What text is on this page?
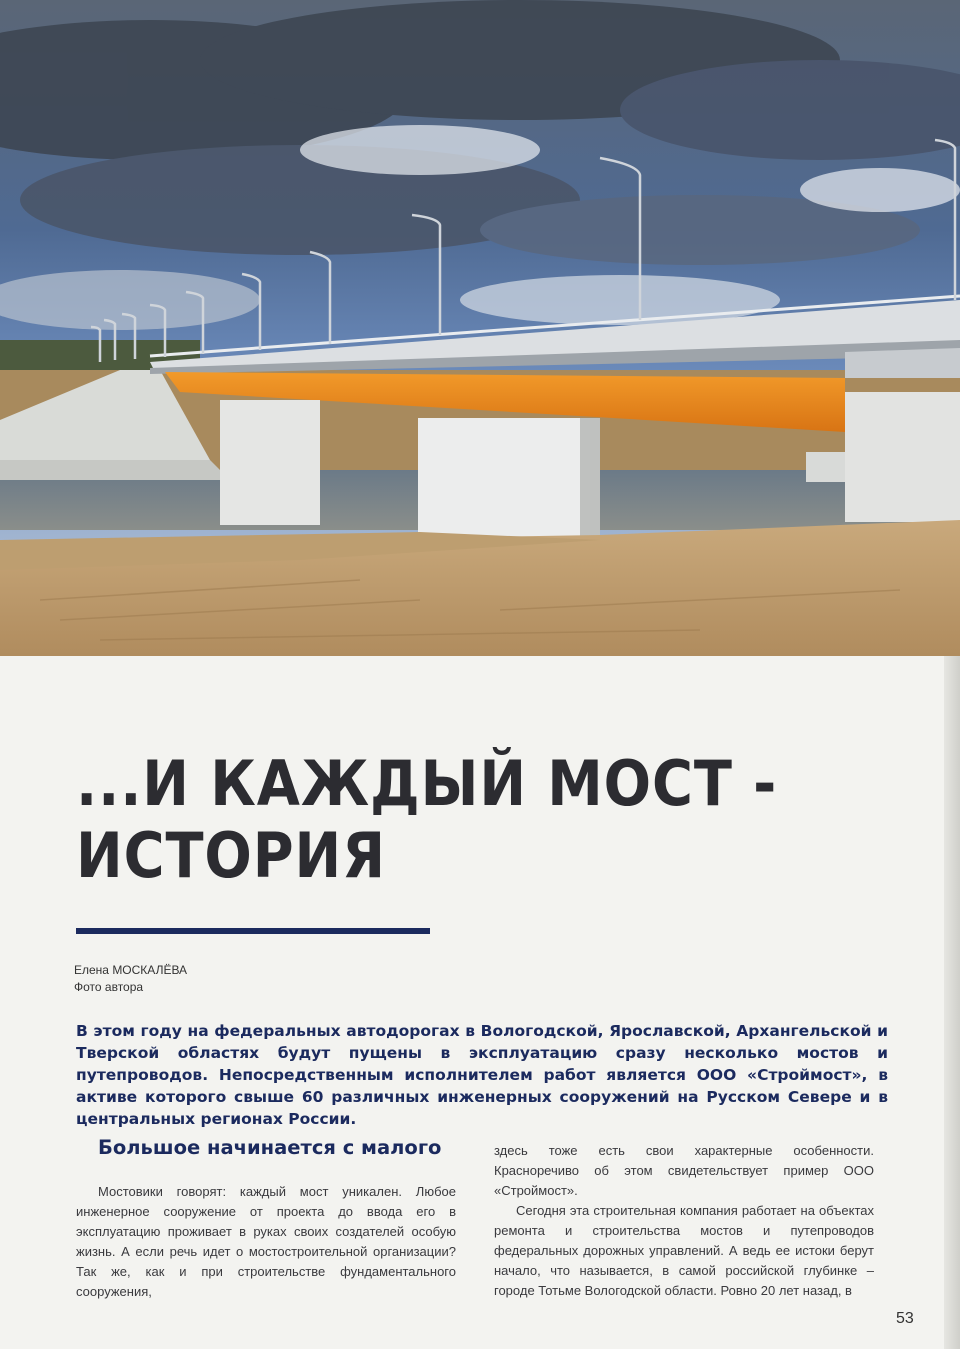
...И КАЖДЫЙ МОСТ -
ИСТОРИЯ
Елена МОСКАЛЁВА
Фото автора

В этом году на федеральных автодорогах в Вологодской, Ярославской, Архангельской и Тверской областях будут пущены в эксплуатацию сразу несколько мостов и путепроводов. Непосредственным исполнителем работ является ООО «Строймост», в активе которого свыше 60 различных инженерных сооружений на Русском Севере и в центральных регионах России.

Большое начинается с малого

Мостовики говорят: каждый мост уникален. Любое инженерное сооружение от проекта до ввода его в эксплуатацию проживает в руках своих создателей особую жизнь. А если речь идет о мостостроительной организации? Так же, как и при строительстве фундаментального сооружения,

здесь тоже есть свои характерные особенности. Красноречиво об этом свидетельствует пример ООО «Строймост».

Сегодня эта строительная компания работает на объектах ремонта и строительства мостов и путепроводов федеральных дорожных управлений. А ведь ее истоки берут начало, что называется, в самой российской глубинке – городе Тотьме Вологодской области. Ровно 20 лет назад, в

53
